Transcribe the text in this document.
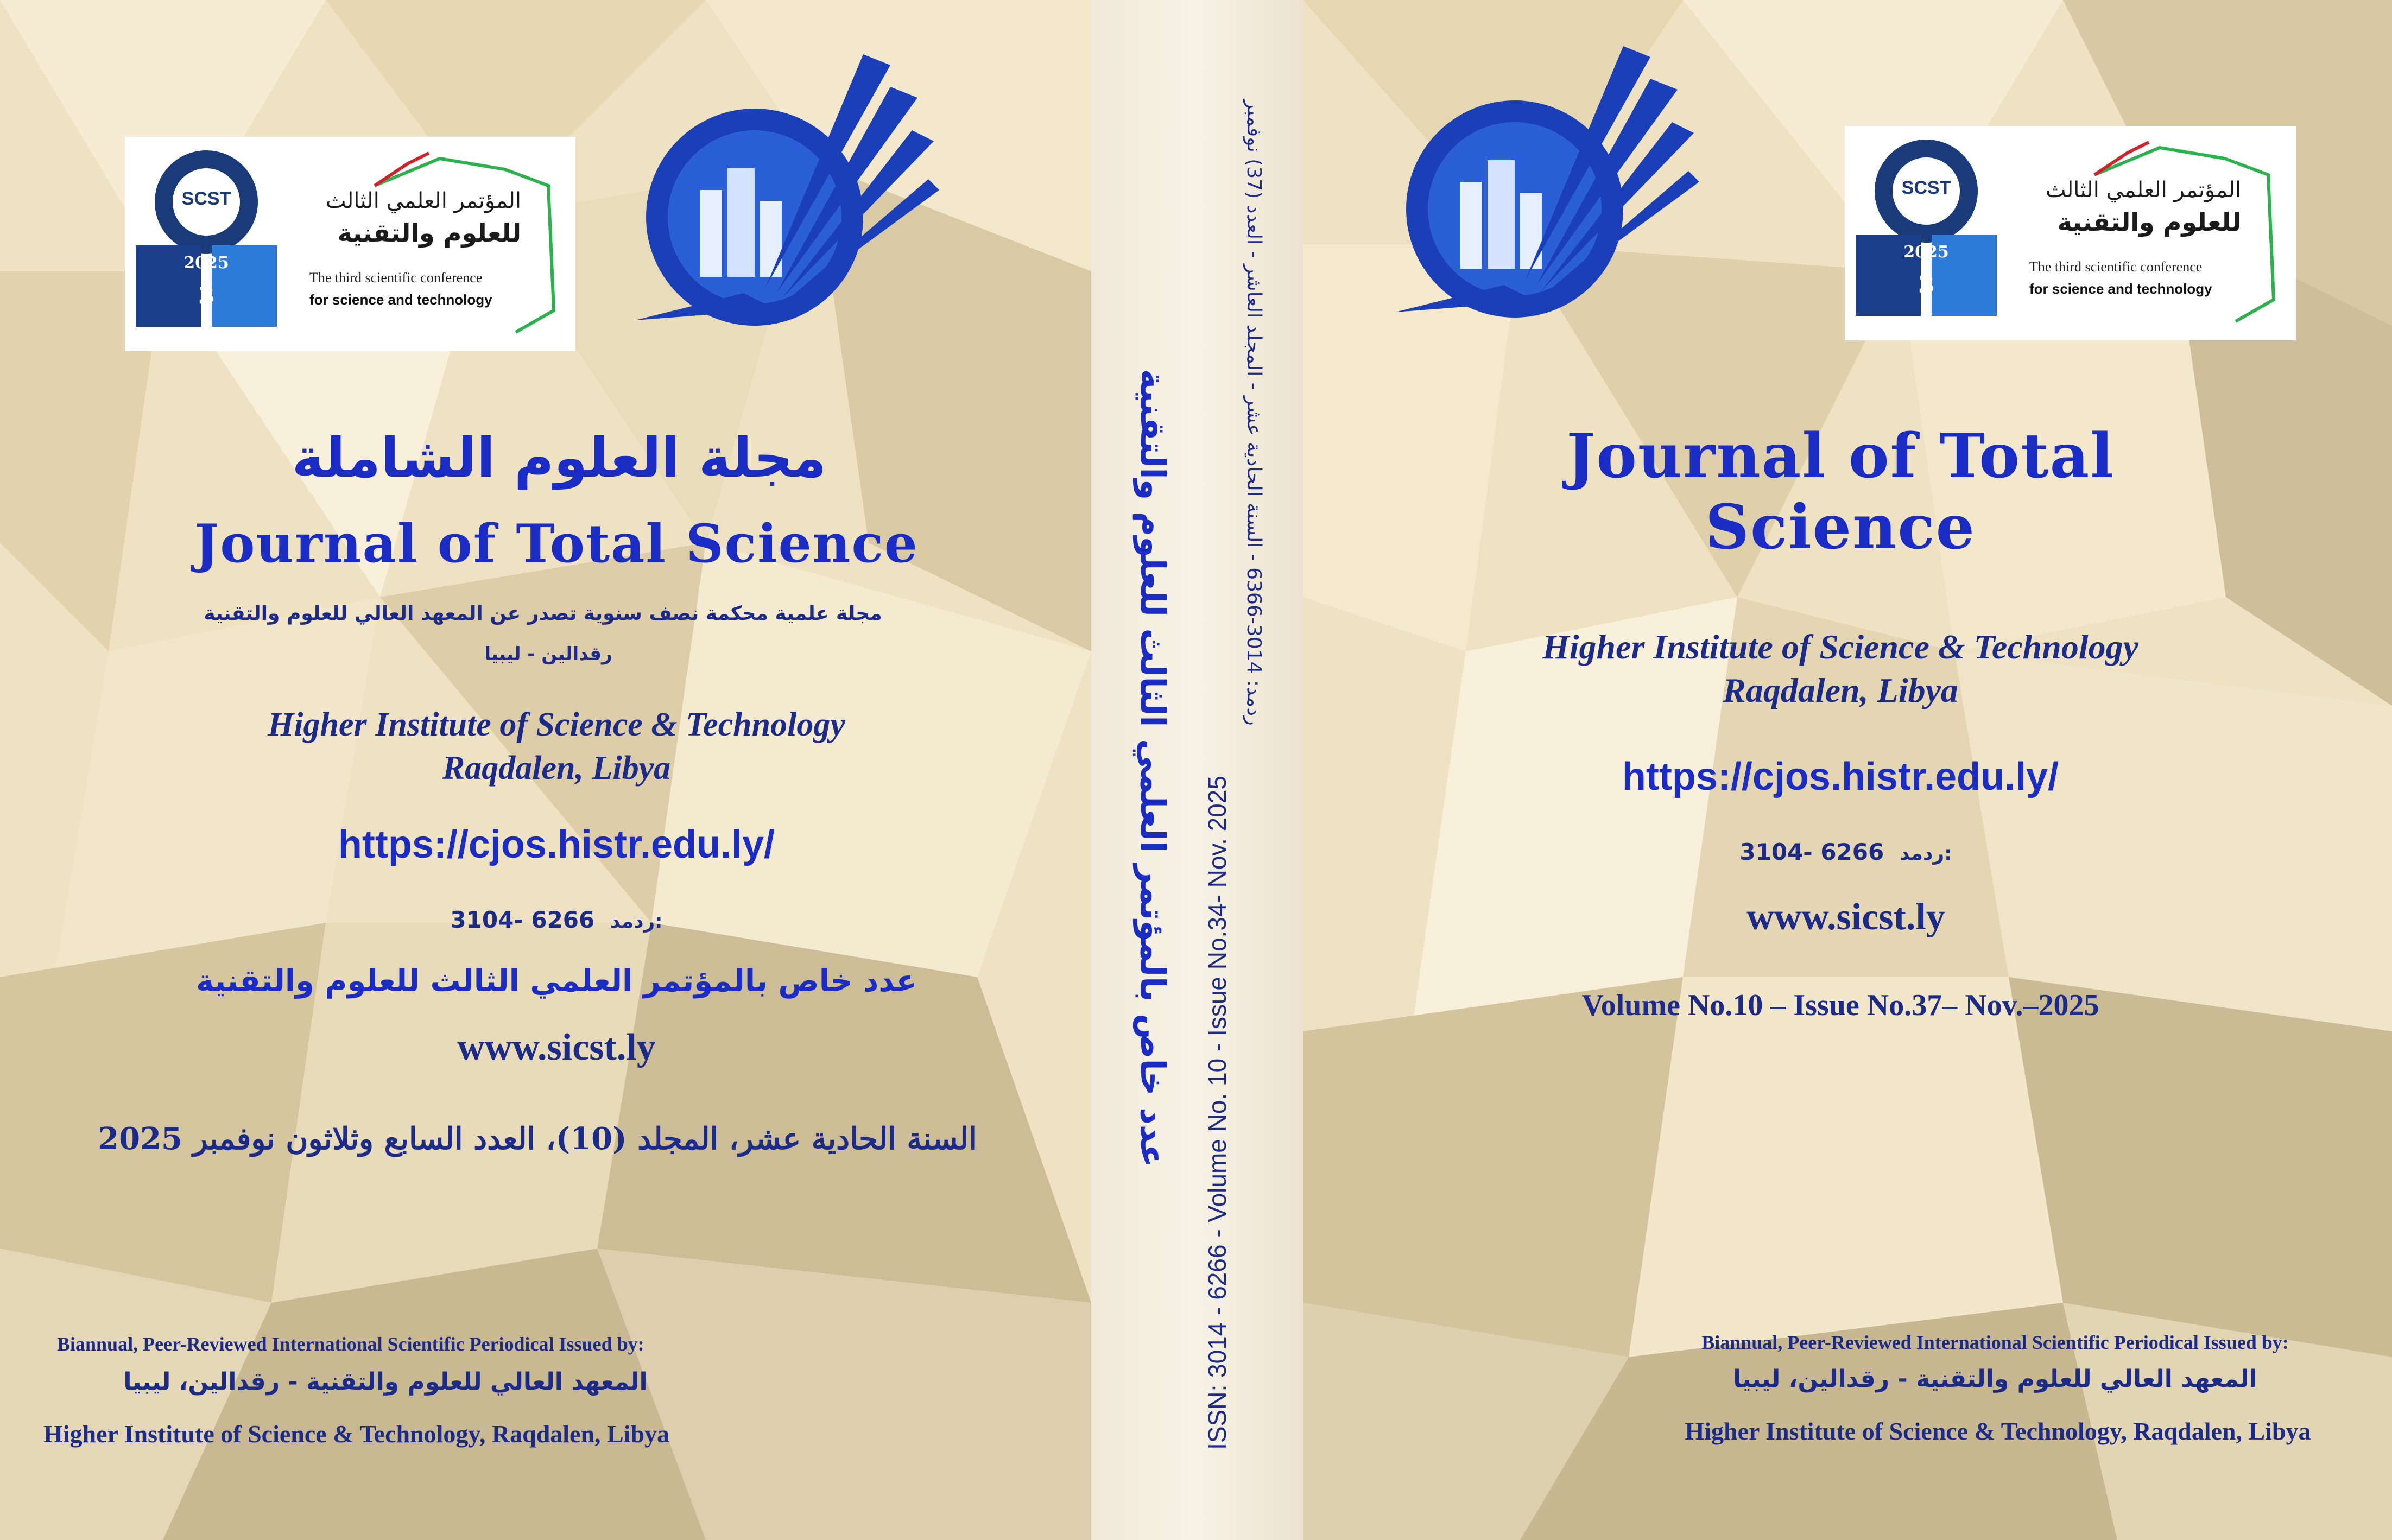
SCST
2025
3
المؤتمر العلمي الثالث
للعلوم والتقنية
The third scientific conference
for science and technology
مجلة العلوم الشاملة
Journal of Total Science
مجلة علمية محكمة نصف سنوية تصدر عن المعهد العالي للعلوم والتقنية
رقدالين - ليبيا
Higher Institute of Science & Technology
Raqdalen, Libya
https://cjos.histr.edu.ly/
3104- 6266 ردمد:
عدد خاص بالمؤتمر العلمي الثالث للعلوم والتقنية
www.sicst.ly
السنة الحادية عشر، المجلد (10)، العدد السابع وثلاثون نوفمبر 2025
Biannual, Peer-Reviewed International Scientific Periodical Issued by:
المعهد العالي للعلوم والتقنية - رقدالين، ليبيا
Higher Institute of Science & Technology, Raqdalen, Libya
عدد خاص بالمؤتمر العلمي الثالث للعلوم والتقنية ISSN: 3014 - 6266 - Volume No. 10 - Issue No.34- Nov. 2025
ردمد: 3014-6366 - السنة الحادية عشر - المجلد العاشر - العدد (37) نوفمبر
SCST
2025
3
المؤتمر العلمي الثالث
للعلوم والتقنية
The third scientific conference
for science and technology
Journal of Total Science
Higher Institute of Science & Technology
Raqdalen, Libya
https://cjos.histr.edu.ly/
3104- 6266 ردمد:
www.sicst.ly
Volume No.10 – Issue No.37– Nov.–2025
Biannual, Peer-Reviewed International Scientific Periodical Issued by:
المعهد العالي للعلوم والتقنية - رقدالين، ليبيا
Higher Institute of Science & Technology, Raqdalen, Libya
